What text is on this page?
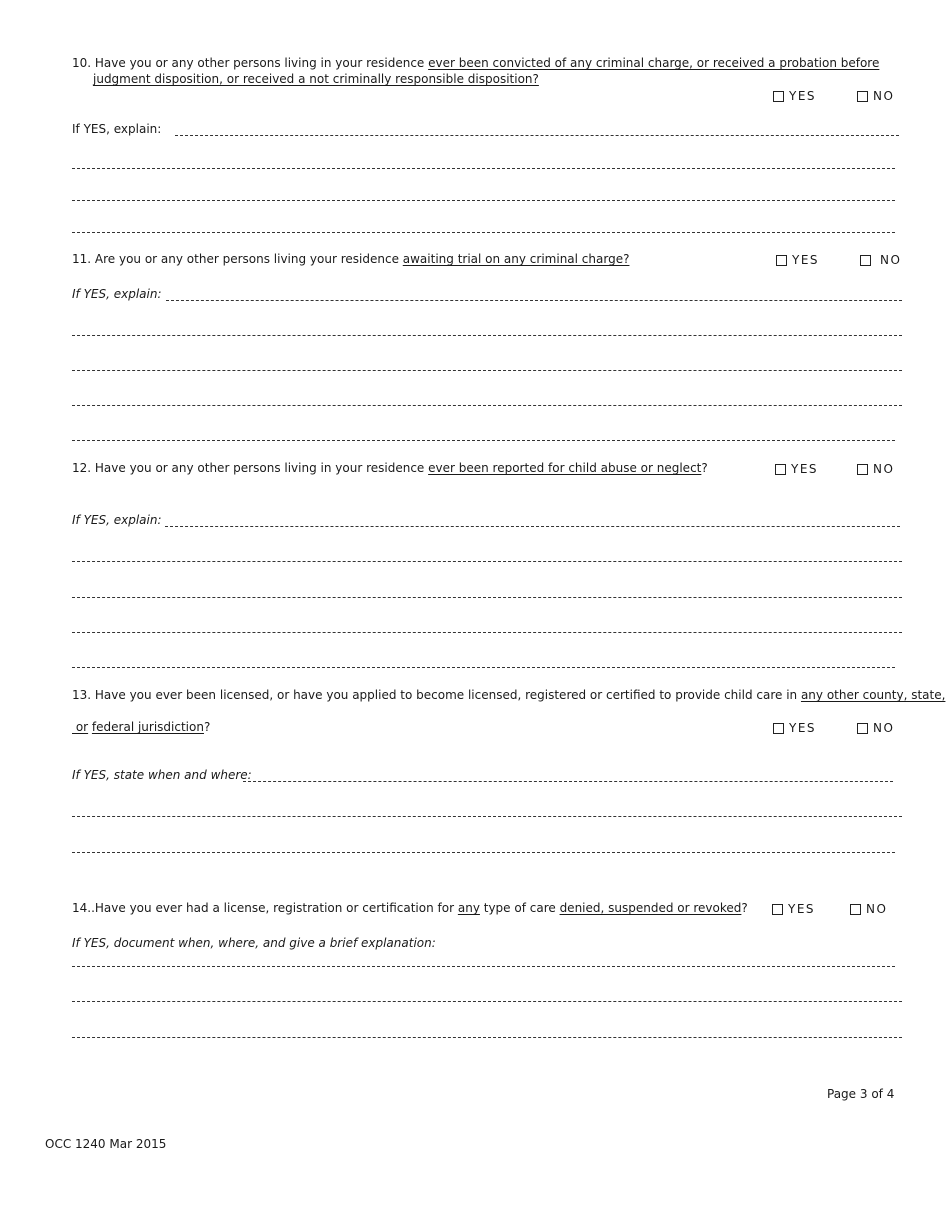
10. Have you or any other persons living in your residence ever been convicted of any criminal charge, or received a probation before
judgment disposition, or received a not criminally responsible disposition?
YES	NO
If YES, explain:
11. Are you or any other persons living your residence awaiting trial on any criminal charge?	YES	NO
If YES, explain:
12. Have you or any other persons living in your residence ever been reported for child abuse or neglect?	YES	NO
If YES, explain:
13. Have you ever been licensed, or have you applied to become licensed, registered or certified to provide child care in any other county, state,
or federal jurisdiction?	YES	NO
If YES, state when and where:
14..Have you ever had a license, registration or certification for any type of care denied, suspended or revoked?	YES	NO
If YES, document when, where, and give a brief explanation:
Page 3 of 4
OCC 1240 Mar 2015
